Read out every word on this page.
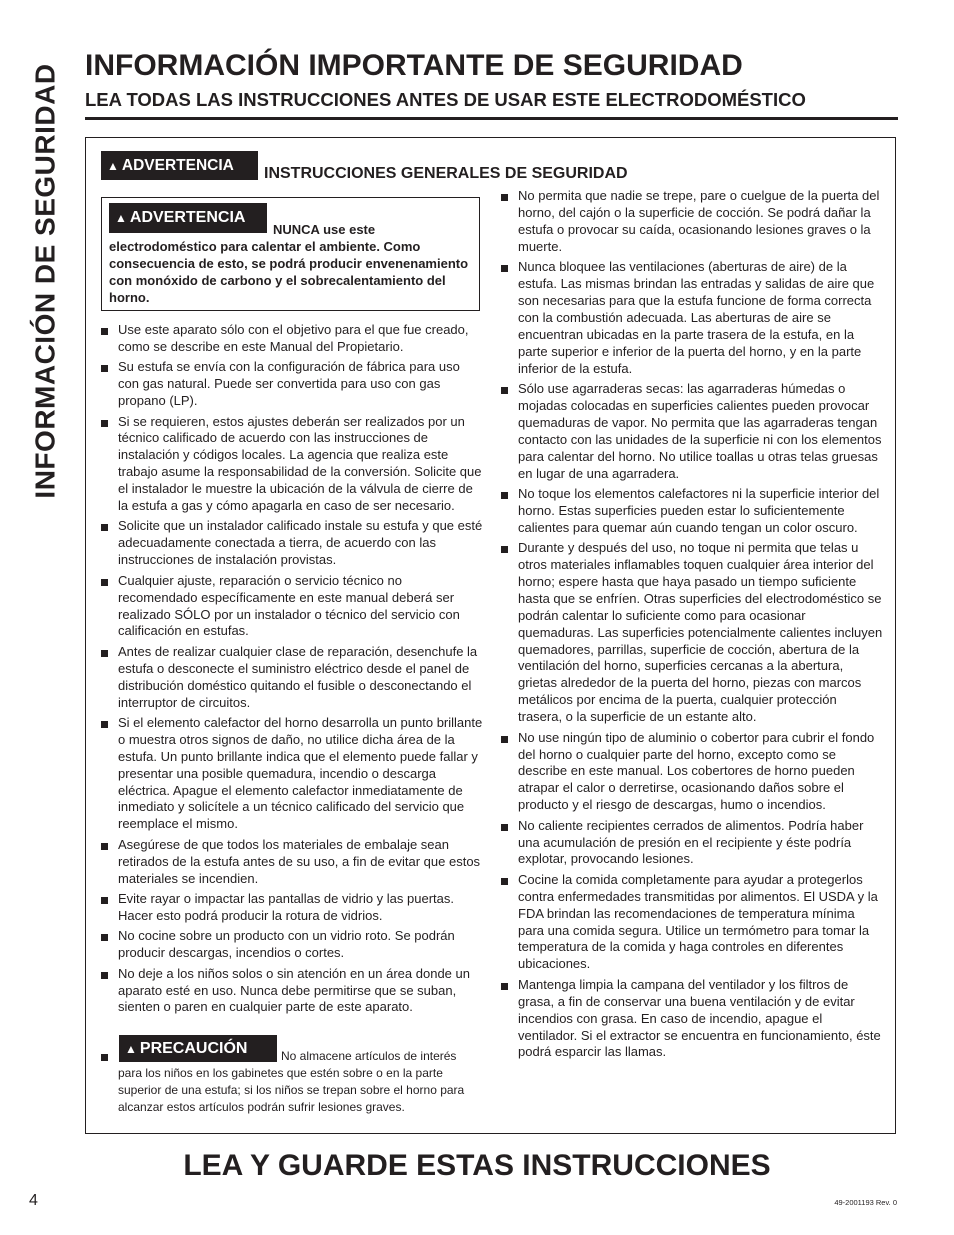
INFORMACIÓN DE SEGURIDAD INFORMACIÓN IMPORTANTE DE SEGURIDAD
LEA TODAS LAS INSTRUCCIONES ANTES DE USAR ESTE ELECTRODOMÉSTICO
▲ ADVERTENCIA INSTRUCCIONES GENERALES DE SEGURIDAD
▲ ADVERTENCIA

NUNCA use este
electrodoméstico para calentar el ambiente. Como consecuencia de esto, se podrá producir envenenamiento con monóxido de carbono y el sobrecalentamiento del horno.

Use este aparato sólo con el objetivo para el que fue creado, como se describe en este Manual del Propietario.
Su estufa se envía con la configuración de fábrica para uso con gas natural. Puede ser convertida para uso con gas propano (LP).
Si se requieren, estos ajustes deberán ser realizados por un técnico calificado de acuerdo con las instrucciones de instalación y códigos locales. La agencia que realiza este trabajo asume la responsabilidad de la conversión. Solicite que el instalador le muestre la ubicación de la válvula de cierre de la estufa a gas y cómo apagarla en caso de ser necesario.
Solicite que un instalador calificado instale su estufa y que esté adecuadamente conectada a tierra, de acuerdo con las instrucciones de instalación provistas.
Cualquier ajuste, reparación o servicio técnico no recomendado específicamente en este manual deberá ser realizado SÓLO por un instalador o técnico del servicio con calificación en estufas.
Antes de realizar cualquier clase de reparación, desenchufe la estufa o desconecte el suministro eléctrico desde el panel de distribución doméstico quitando el fusible o desconectando el interruptor de circuitos.
Si el elemento calefactor del horno desarrolla un punto brillante o muestra otros signos de daño, no utilice dicha área de la estufa. Un punto brillante indica que el elemento puede fallar y presentar una posible quemadura, incendio o descarga eléctrica. Apague el elemento calefactor inmediatamente de inmediato y solicítele a un técnico calificado del servicio que reemplace el mismo.
Asegúrese de que todos los materiales de embalaje sean retirados de la estufa antes de su uso, a fin de evitar que estos materiales se incendien.
Evite rayar o impactar las pantallas de vidrio y las puertas. Hacer esto podrá producir la rotura de vidrios.
No cocine sobre un producto con un vidrio roto. Se podrán producir descargas, incendios o cortes.
No deje a los niños solos o sin atención en un área donde un aparato esté en uso. Nunca debe permitirse que se suban, sienten o paren en cualquier parte de este aparato.
▲ PRECAUCIÓN	No almacene artículos de interés
para los niños en los gabinetes que estén sobre o en la parte superior de una estufa; si los niños se trepan sobre el horno para alcanzar estos artículos podrán sufrir lesiones graves.

No permita que nadie se trepe, pare o cuelgue de la puerta del horno, del cajón o la superficie de cocción. Se podrá dañar la estufa o provocar su caída, ocasionando lesiones graves o la muerte.
Nunca bloquee las ventilaciones (aberturas de aire) de la estufa. Las mismas brindan las entradas y salidas de aire que son necesarias para que la estufa funcione de forma correcta con la combustión adecuada. Las aberturas de aire se encuentran ubicadas en la parte trasera de la estufa, en la parte superior e inferior de la puerta del horno, y en la parte inferior de la estufa.
Sólo use agarraderas secas: las agarraderas húmedas o mojadas colocadas en superficies calientes pueden provocar quemaduras de vapor. No permita que las agarraderas tengan contacto con las unidades de la superficie ni con los elementos para calentar del horno. No utilice toallas u otras telas gruesas en lugar de una agarradera.
No toque los elementos calefactores ni la superficie interior del horno. Estas superficies pueden estar lo suficientemente calientes para quemar aún cuando tengan un color oscuro.
Durante y después del uso, no toque ni permita que telas u otros materiales inflamables toquen cualquier área interior del horno; espere hasta que haya pasado un tiempo suficiente hasta que se enfríen. Otras superficies del electrodoméstico se podrán calentar lo suficiente como para ocasionar quemaduras. Las superficies potencialmente calientes incluyen quemadores, parrillas, superficie de cocción, abertura de la ventilación del horno, superficies cercanas a la abertura, grietas alrededor de la puerta del horno, piezas con marcos metálicos por encima de la puerta, cualquier protección trasera, o la superficie de un estante alto.
No use ningún tipo de aluminio o cobertor para cubrir el fondo del horno o cualquier parte del horno, excepto como se describe en este manual. Los cobertores de horno pueden atrapar el calor o derretirse, ocasionando daños sobre el producto y el riesgo de descargas, humo o incendios.
No caliente recipientes cerrados de alimentos. Podría haber una acumulación de presión en el recipiente y éste podría explotar, provocando lesiones.
Cocine la comida completamente para ayudar a protegerlos contra enfermedades transmitidas por alimentos. El USDA y la FDA brindan las recomendaciones de temperatura mínima para una comida segura. Utilice un termómetro para tomar la temperatura de la comida y haga controles en diferentes ubicaciones.
Mantenga limpia la campana del ventilador y los filtros de grasa, a fin de conservar una buena ventilación y de evitar incendios con grasa. En caso de incendio, apague el ventilador. Si el extractor se encuentra en funcionamiento, éste podrá esparcir las llamas.
LEA Y GUARDE ESTAS INSTRUCCIONES
4	49-2001193 Rev. 0
